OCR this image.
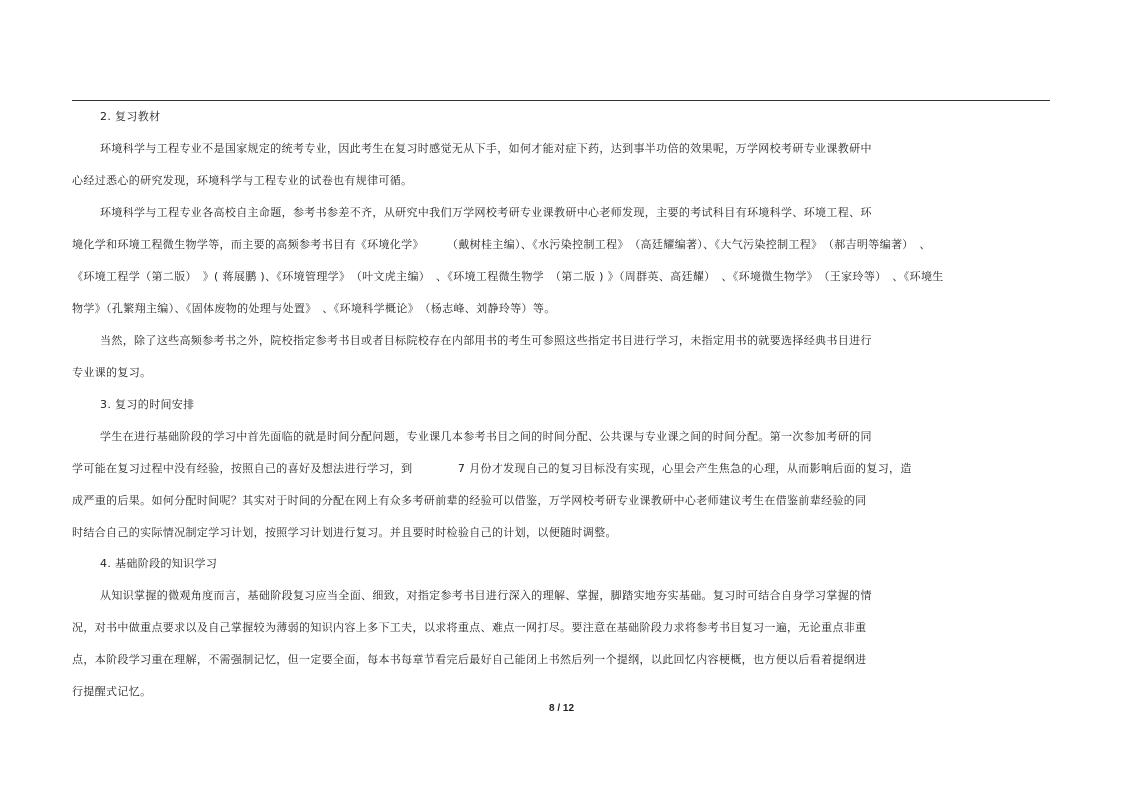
2. 复习教材
环境科学与工程专业不是国家规定的统考专业，因此考生在复习时感觉无从下手，如何才能对症下药，达到事半功倍的效果呢，万学网校考研专业课教研中
心经过悉心的研究发现，环境科学与工程专业的试卷也有规律可循。
环境科学与工程专业各高校自主命题，参考书参差不齐，从研究中我们万学网校考研专业课教研中心老师发现，主要的考试科目有环境科学、环境工程、环
境化学和环境工程微生物学等，而主要的高频参考书目有《环境化学》　　　（戴树桂主编）、《水污染控制工程》　（高廷耀编著）、《大气污染控制工程》　（郝吉明等编著）　、
《环境工程学（第二版）　》( 蒋展鹏 )、《环境管理学》　（叶文虎主编）　、《环境工程微生物学　（第二版 ) 》（周群英、高廷耀）　、《环境微生物学》　（王家玲等）　、《环境生
物学》（孔繁翔主编）、《固体废物的处理与处置》　、《环境科学概论》　（杨志峰、刘静玲等）等。
当然，除了这些高频参考书之外，院校指定参考书目或者目标院校存在内部用书的考生可参照这些指定书目进行学习，未指定用书的就要选择经典书目进行
专业课的复习。
3. 复习的时间安排
学生在进行基础阶段的学习中首先面临的就是时间分配问题，专业课几本参考书目之间的时间分配、公共课与专业课之间的时间分配。第一次参加考研的同
学可能在复习过程中没有经验，按照自己的喜好及想法进行学习，到　　　　7 月份才发现自己的复习目标没有实现，心里会产生焦急的心理，从而影响后面的复习，造
成严重的后果。如何分配时间呢？其实对于时间的分配在网上有众多考研前辈的经验可以借鉴，万学网校考研专业课教研中心老师建议考生在借鉴前辈经验的同
时结合自己的实际情况制定学习计划，按照学习计划进行复习。并且要时时检验自己的计划，以便随时调整。
4. 基础阶段的知识学习
从知识掌握的微观角度而言，基础阶段复习应当全面、细致，对指定参考书目进行深入的理解、掌握，脚踏实地夯实基础。复习时可结合自身学习掌握的情
况，对书中做重点要求以及自己掌握较为薄弱的知识内容上多下工夫，以求将重点、难点一网打尽。要注意在基础阶段力求将参考书目复习一遍，无论重点非重
点，本阶段学习重在理解，不需强制记忆，但一定要全面，每本书每章节看完后最好自己能闭上书然后列一个提纲，以此回忆内容梗概，也方便以后看着提纲进
行提醒式记忆。
8 / 12
